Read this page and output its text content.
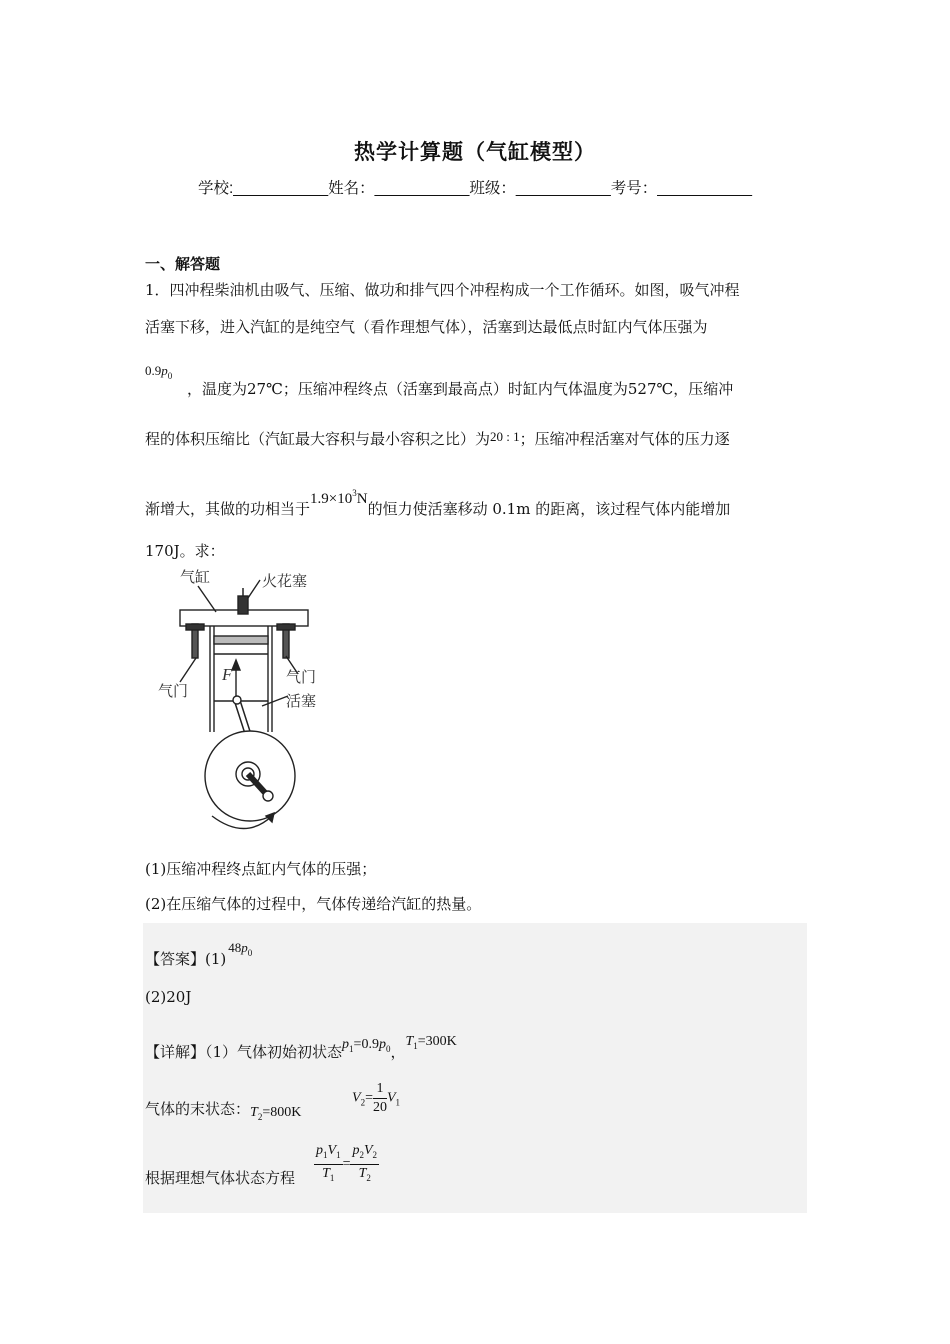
热学计算题（气缸模型）
学校:___________姓名：___________班级：___________考号：___________
一、解答题
1．四冲程柴油机由吸气、压缩、做功和排气四个冲程构成一个工作循环。如图，吸气冲程
活塞下移，进入汽缸的是纯空气（看作理想气体），活塞到达最低点时缸内气体压强为
$0.9p_0$
，温度为27℃；压缩冲程终点（活塞到最高点）时缸内气体温度为527℃，压缩冲
程的体积压缩比（汽缸最大容积与最小容积之比）为20 : 1；压缩冲程活塞对气体的压力逐
渐增大，其做的功相当于$1.9\times 10^3N$的恒力使活塞移动 0.1m 的距离，该过程气体内能增加
170J。求：
气缸	火花塞
气门
气门
活塞
F
(1)压缩冲程终点缸内气体的压强；
(2)在压缩气体的过程中，气体传递给汽缸的热量。
【答案】$(1)48p_0$
(2)20J
【详解】（1）气体初始初状态$p_1=0.9p_0$，$T_1=300K$
气体的末状态：$T_2=800K$
$V_2= \frac{1}{20} V_1$
根据理想气体状态方程 $\frac{p_1V_1}{T_1} = \frac{p_2V_2}{T_2}$
